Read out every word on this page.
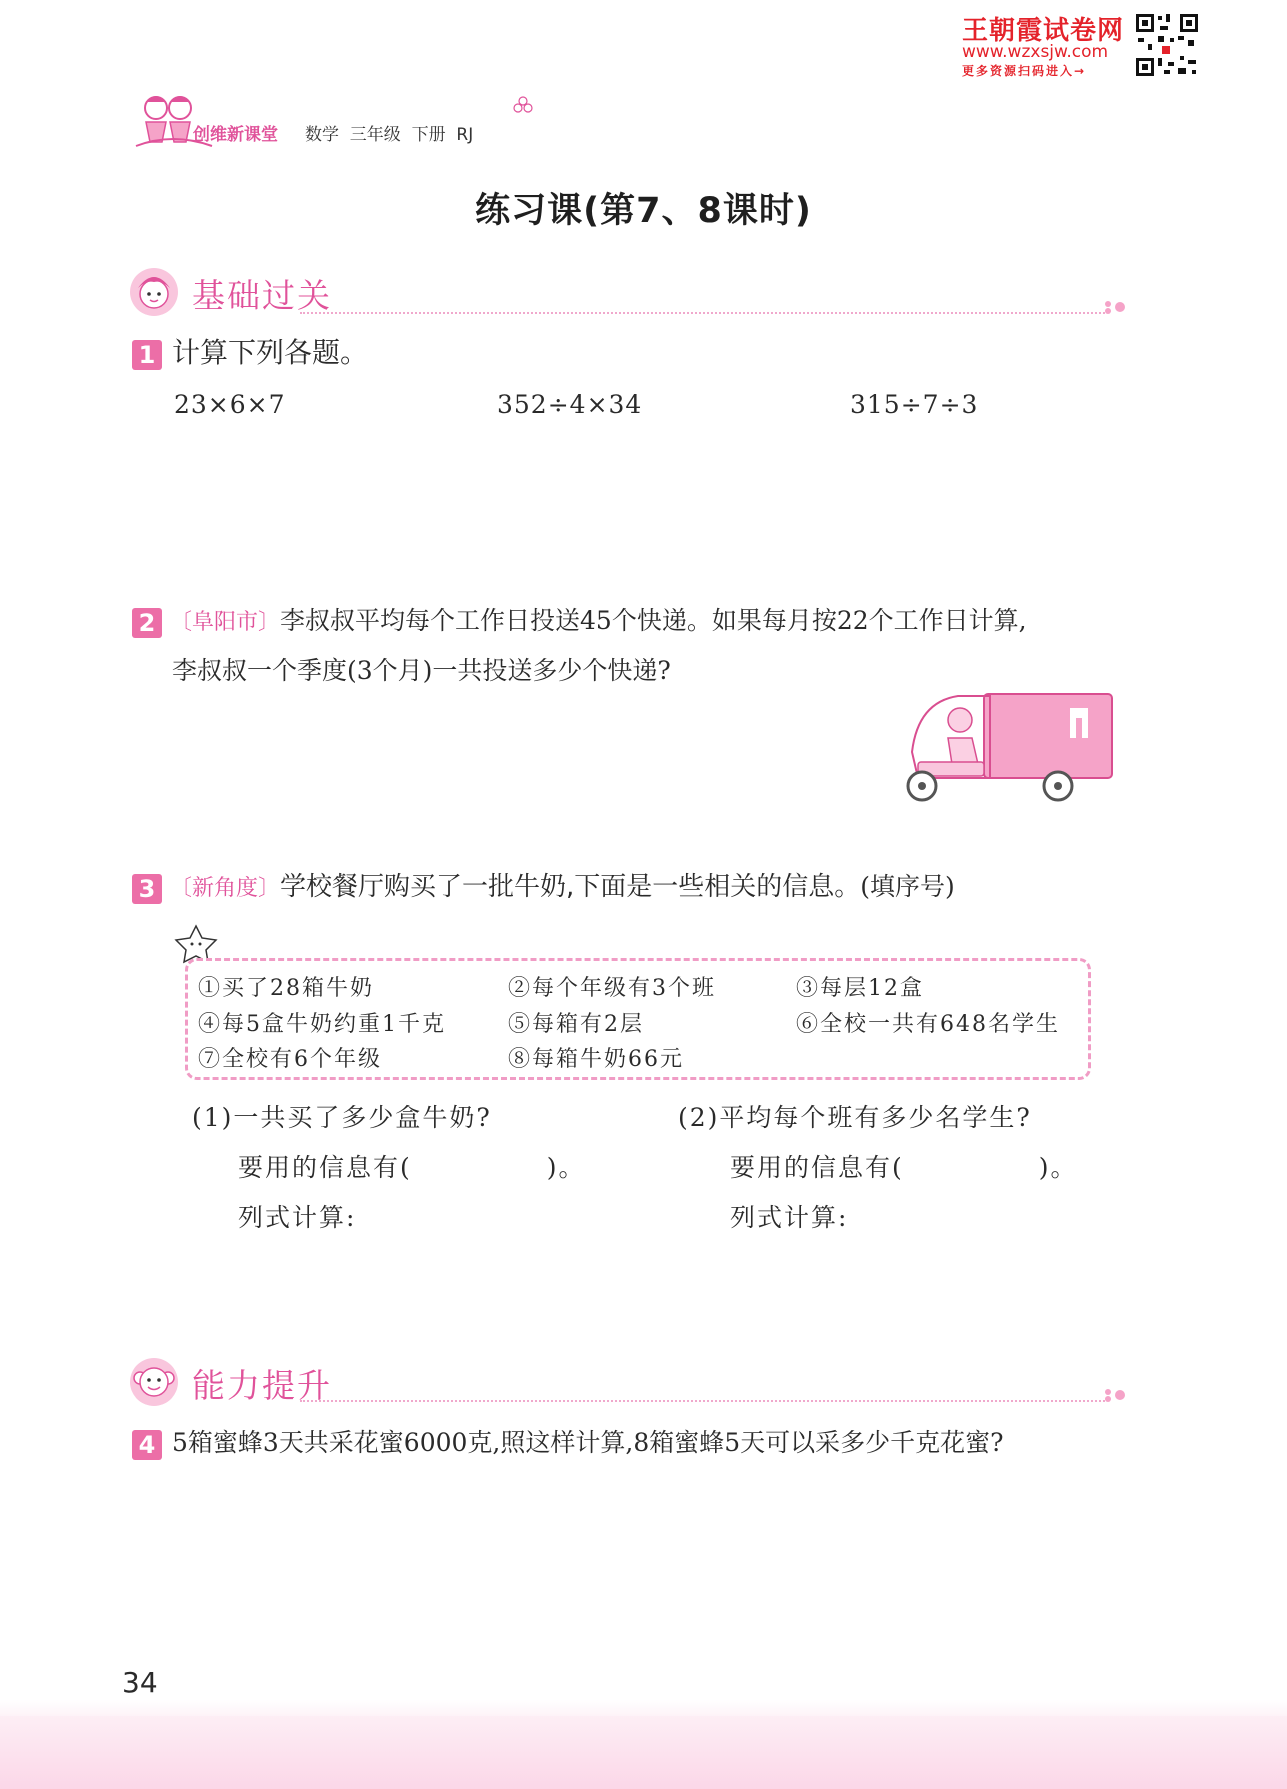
王朝霞试卷网
www.wzxsjw.com
更多资源扫码进入→
创维新课堂 数学  三年级  下册  RJ
练习课(第7、8课时)
基础过关
1 计算下列各题。
23×6×7	352÷4×34	315÷7÷3
2 〔阜阳市〕李叔叔平均每个工作日投送45个快递。如果每月按22个工作日计算,
李叔叔一个季度(3个月)一共投送多少个快递?
3 〔新角度〕学校餐厅购买了一批牛奶,下面是一些相关的信息。(填序号)
①买了28箱牛奶	②每个年级有3个班	③每层12盒
④每5盒牛奶约重1千克	⑤每箱有2层	⑥全校一共有648名学生
⑦全校有6个年级	⑧每箱牛奶66元
(1)一共买了多少盒牛奶?
要用的信息有(　　　　　)。
列式计算:
(2)平均每个班有多少名学生?
要用的信息有(　　　　　)。
列式计算:
能力提升
4 5箱蜜蜂3天共采花蜜6000克,照这样计算,8箱蜜蜂5天可以采多少千克花蜜?
34
